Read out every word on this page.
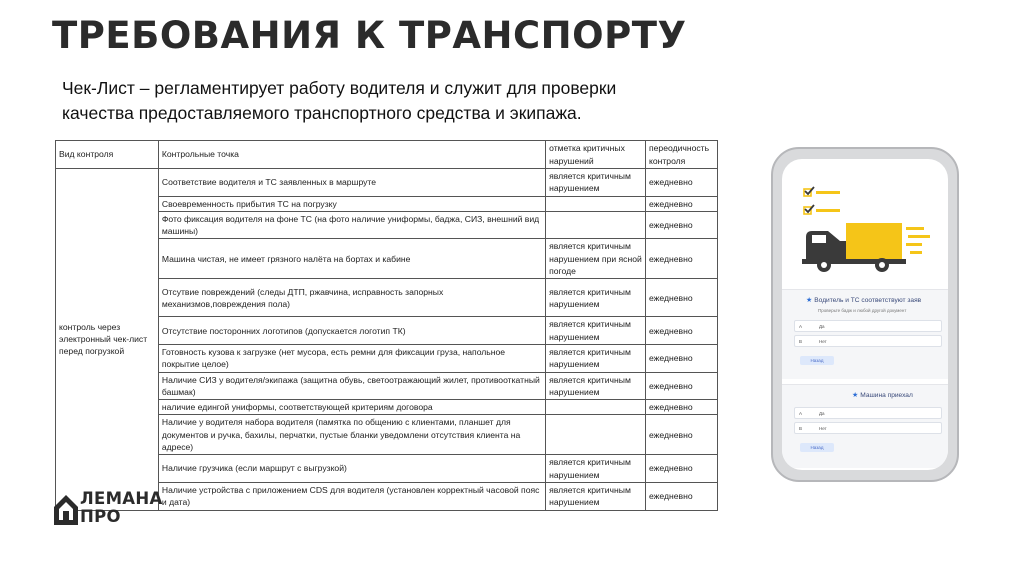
ТРЕБОВАНИЯ К ТРАНСПОРТУ
Чек-Лист – регламентирует работу водителя и служит для проверки
качества предоставляемого транспортного средства и экипажа.
Вид контроля	Контрольные точка	отметка критичных нарушений	переодичность контроля
контроль через электронный чек-лист перед погрузкой	Соответствие водителя и ТС заявленных в маршруте	является критичным нарушением	ежедневно
	Своевременность прибытия ТС на погрузку		ежедневно
	Фото фиксация водителя на фоне ТС (на фото наличие униформы, баджа, СИЗ, внешний вид машины)		ежедневно
	Машина чистая, не имеет грязного налёта на бортах и кабине	является критичным нарушением при ясной погоде	ежедневно
	Отсутвие повреждений (следы ДТП, ржавчина, исправность запорных механизмов,повреждения пола)	является критичным нарушением	ежедневно
	Отсутствие посторонних логотипов (допускается логотип ТК)	является критичным нарушением	ежедневно
	Готовность кузова к загрузке (нет мусора, есть ремни для фиксации груза, напольное покрытие целое)	является критичным нарушением	ежедневно
	Наличие СИЗ у водителя/экипажа (защитна обувь, светоотражающий жилет, противооткатный башмак)	является критичным нарушением	ежедневно
	наличие едингой униформы, соответствующей критериям договора		ежедневно
	Наличие у водителя набора водителя (памятка по общению с клиентами, планшет для документов и ручка, бахилы, перчатки, пустые бланки уведомлени отсутствия клиента на адресе)		ежедневно
	Наличие грузчика (если маршрут с выгрузкой)	является критичным нарушением	ежедневно
	Наличие устройства с приложением CDS для водителя (установлен корректный часовой пояс и дата)	является критичным нарушением	ежедневно
★ Водитель и ТС соответствуют заяв
Проверьте бадж и любой другой документ
A	Да
B	Нет
Назад
★ Машина приехал
A	Да
B	Нет
Назад
ЛЕМАНА
ПРО
